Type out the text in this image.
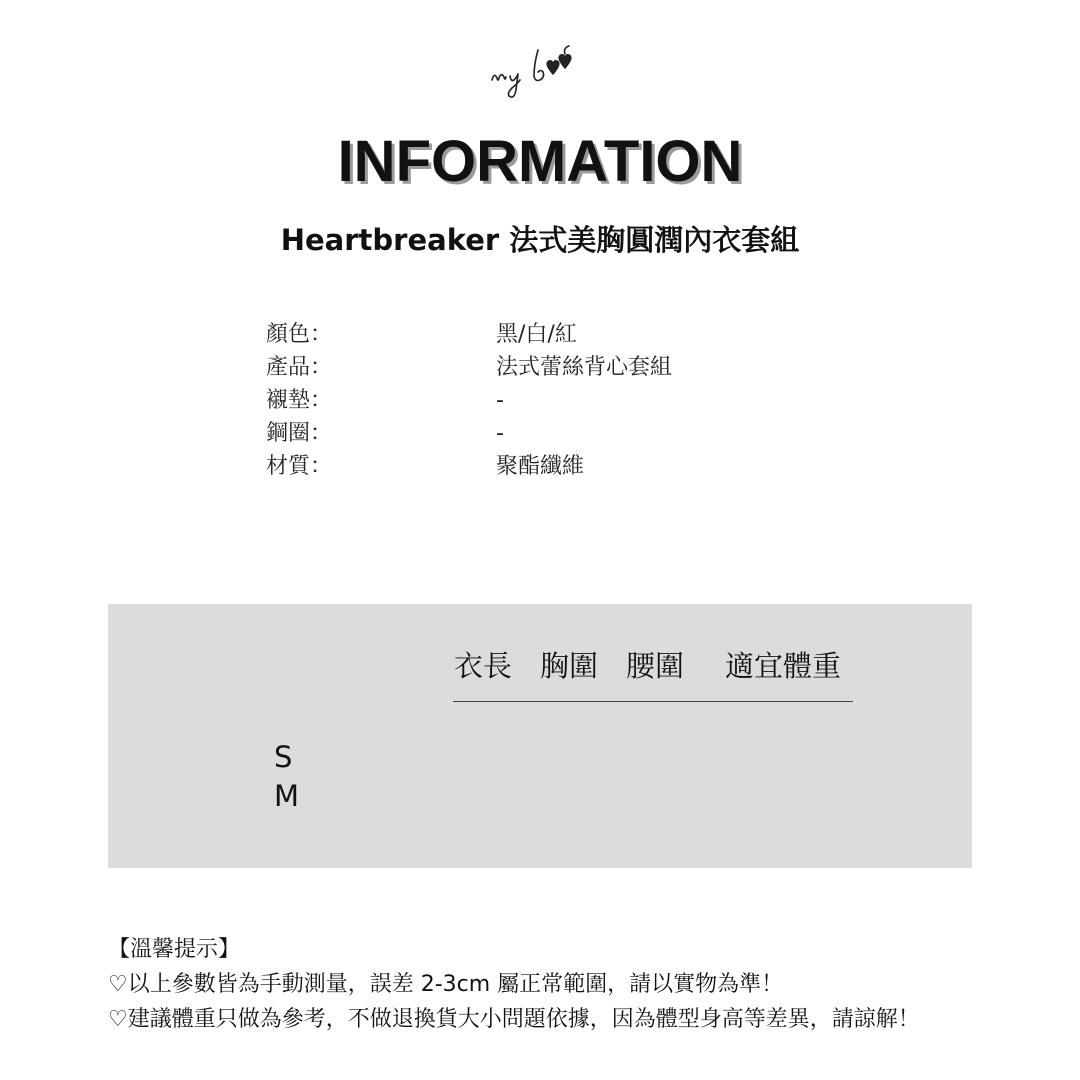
INFORMATION
Heartbreaker 法式美胸圓潤內衣套組
顏色：	黑/白/紅
產品：	法式蕾絲背心套組
襯墊：	-
鋼圈：	-
材質：	聚酯纖維
衣長 胸圍 腰圍 適宜體重
S
M
【溫馨提示】
♡以上參數皆為手動測量，誤差 2-3cm 屬正常範圍，請以實物為準！
♡建議體重只做為參考，不做退換貨大小問題依據，因為體型身高等差異，請諒解！
